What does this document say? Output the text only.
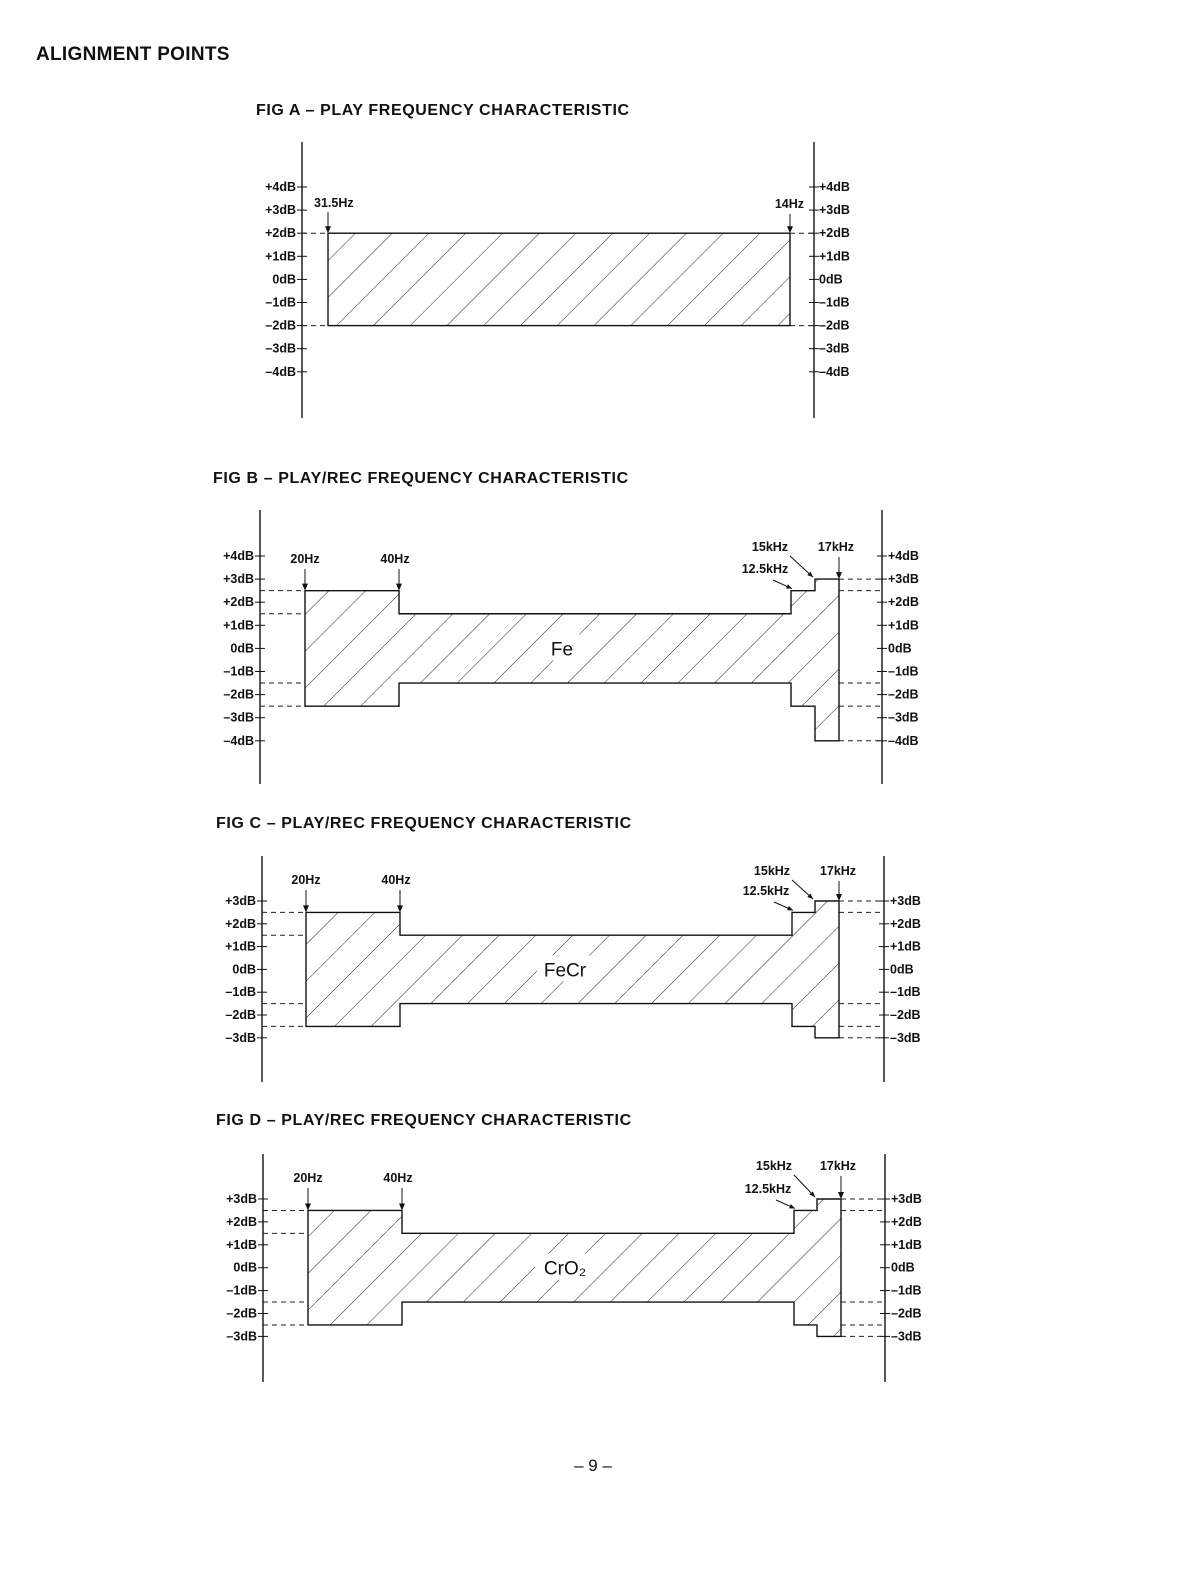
ALIGNMENT POINTS
FIG A – PLAY FREQUENCY CHARACTERISTIC
+4dB
+3dB
+2dB
+1dB
0dB
–1dB
–2dB
–3dB
–4dB
+4dB
+3dB
+2dB
+1dB
0dB
–1dB
–2dB
–3dB
–4dB
31.5Hz	14Hz
FIG B – PLAY/REC FREQUENCY CHARACTERISTIC
+4dB
+3dB
+2dB
+1dB
0dB
–1dB
–2dB
–3dB
–4dB
+4dB
+3dB
+2dB
+1dB
0dB
–1dB
–2dB
–3dB
–4dB
Fe
20Hz	40Hz
15kHz
12.5kHz
17kHz
FIG C – PLAY/REC FREQUENCY CHARACTERISTIC
+3dB
+2dB
+1dB
0dB
–1dB
–2dB
–3dB
+3dB
+2dB
+1dB
0dB
–1dB
–2dB
–3dB
FeCr
20Hz	40Hz
15kHz
12.5kHz
17kHz
FIG D – PLAY/REC FREQUENCY CHARACTERISTIC
+3dB
+2dB
+1dB
0dB
–1dB
–2dB
–3dB
+3dB
+2dB
+1dB
0dB
–1dB
–2dB
–3dB
CrO₂
20Hz	40Hz
15kHz
12.5kHz
17kHz
– 9 –
